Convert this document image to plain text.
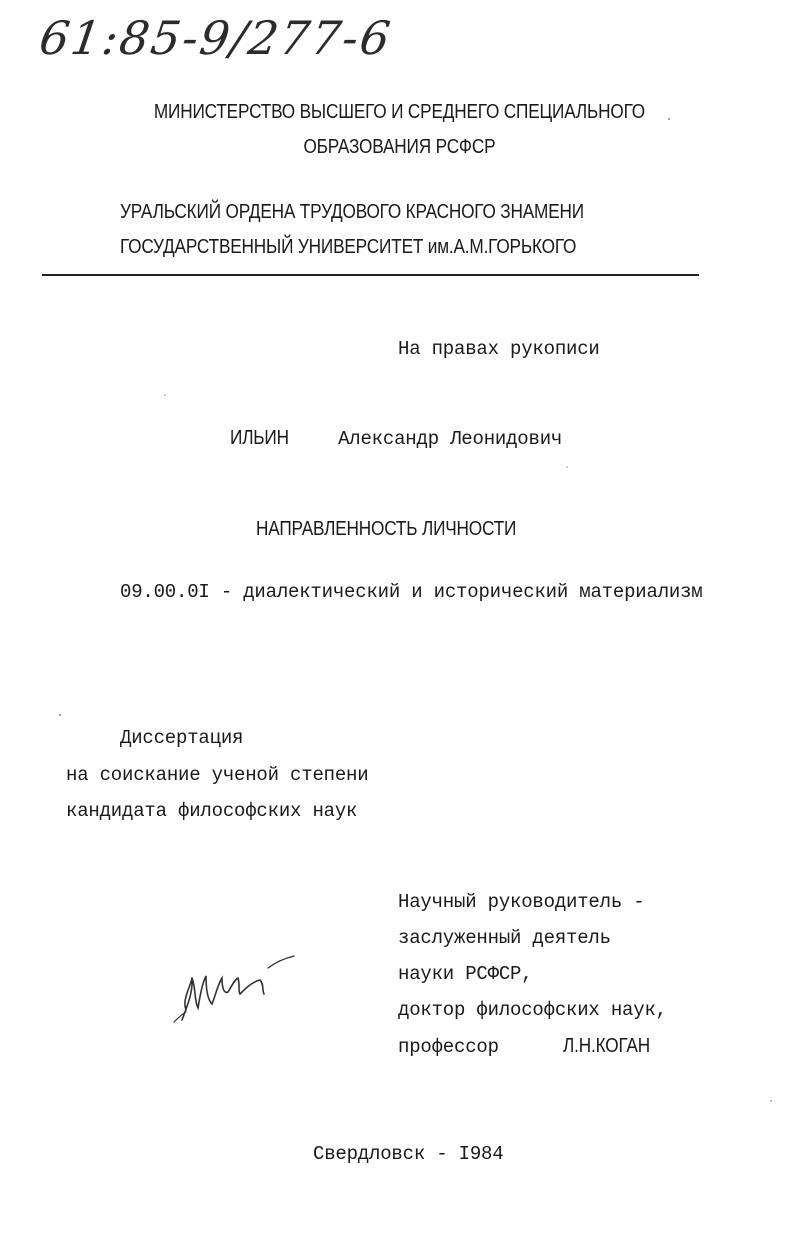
61:85-9/277-6
МИНИСТЕРСТВО ВЫСШЕГО И СРЕДНЕГО СПЕЦИАЛЬНОГО
ОБРАЗОВАНИЯ РСФСР
УРАЛЬСКИЙ ОРДЕНА ТРУДОВОГО КРАСНОГО ЗНАМЕНИ
ГОСУДАРСТВЕННЫЙ УНИВЕРСИТЕТ им.А.М.ГОРЬКОГО
На правах рукописи
ИЛЬИН	Александр Леонидович
НАПРАВЛЕННОСТЬ ЛИЧНОСТИ
09.00.0I - диалектический и исторический материализм
Диссертация
на соискание ученой степени
кандидата философских наук
Научный руководитель -
заслуженный деятель
науки РСФСР,
доктор философских наук,
профессор	Л.Н.КОГАН
Свердловск - I984
